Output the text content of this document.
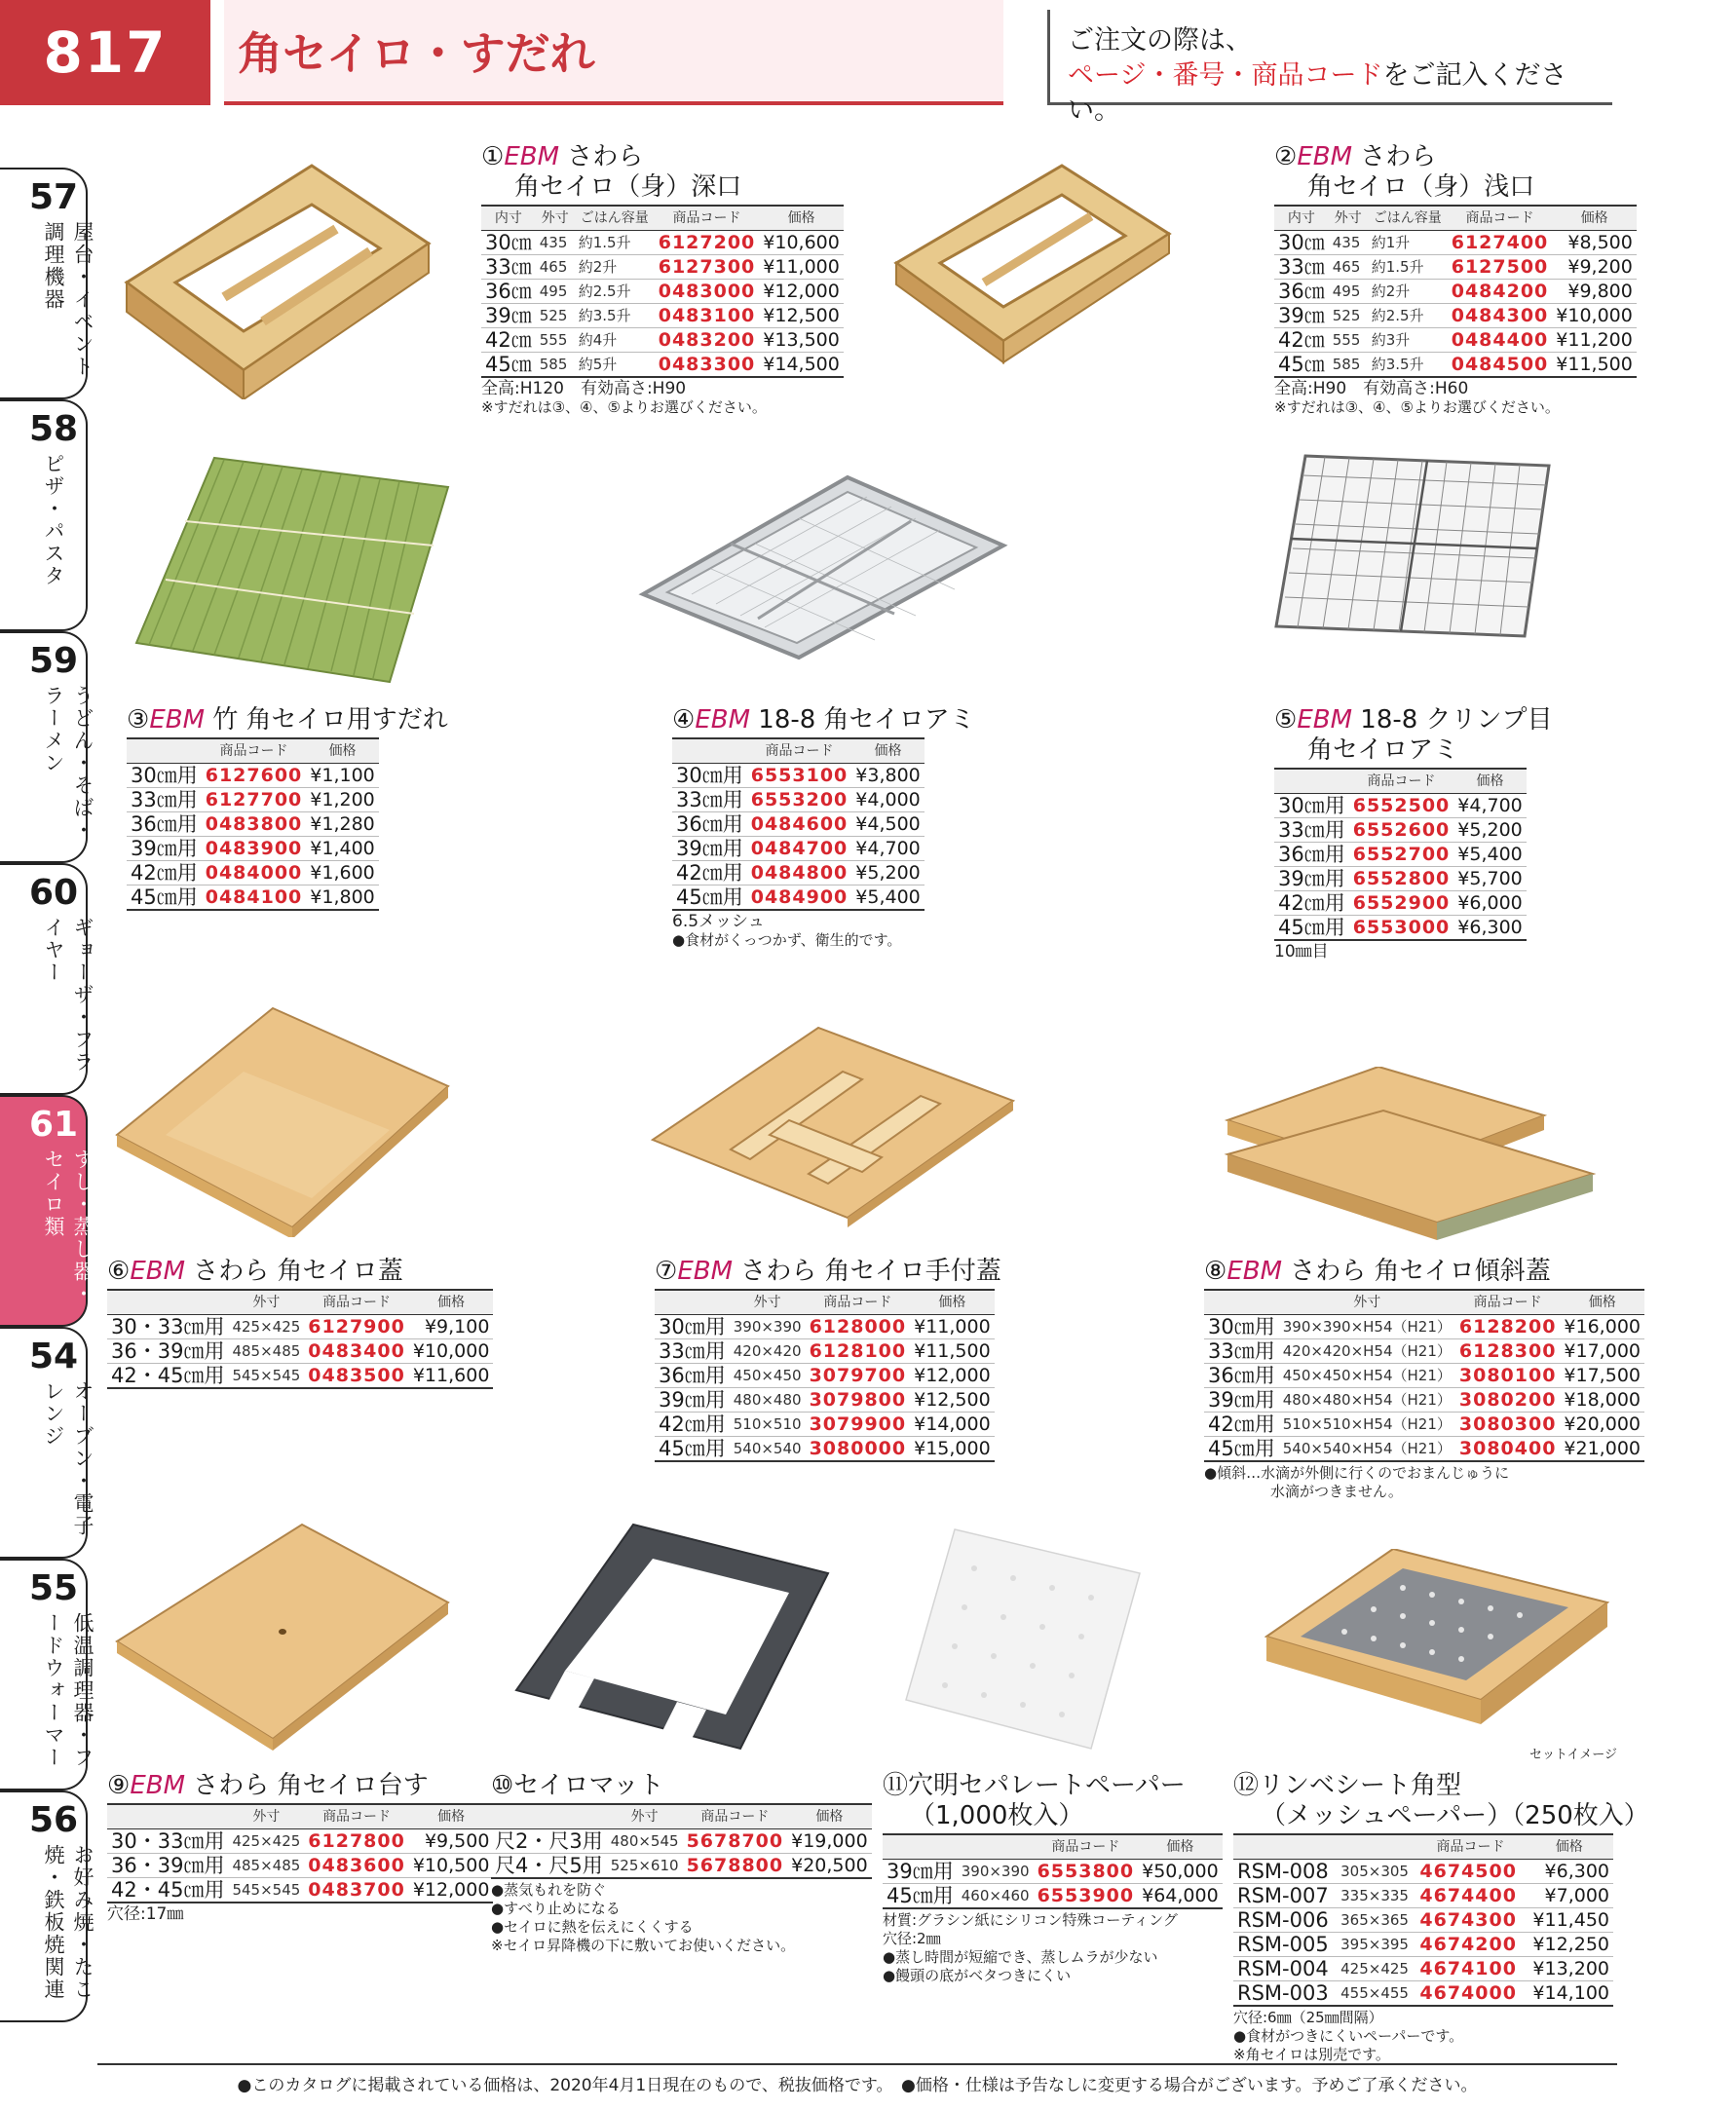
817	角セイロ・すだれ	ご注文の際は、
ページ・番号・商品コードをご記入ください。
57
屋台・イベント調理機器
58
ピザ・パスタ
59
うどん・そば・ラーメン
60
ギョーザ・フライヤー
61
すし・蒸し器・セイロ類
54
オーブン・電子レンジ
55
低温調理器・フードウォーマー
56
お好み焼・たこ焼・鉄板焼関連
①EBM さわら
角セイロ（身）深口
内寸	外寸	ごはん容量	商品コード	価格
30㎝	435	約1.5升	6127200	¥10,600
33㎝	465	約2升	6127300	¥11,000
36㎝	495	約2.5升	0483000	¥12,000
39㎝	525	約3.5升	0483100	¥12,500
42㎝	555	約4升	0483200	¥13,500
45㎝	585	約5升	0483300	¥14,500
全高:H120　有効高さ:H90
※すだれは③、④、⑤よりお選びください。
②EBM さわら
角セイロ（身）浅口
内寸	外寸	ごはん容量	商品コード	価格
30㎝	435	約1升	6127400	¥8,500
33㎝	465	約1.5升	6127500	¥9,200
36㎝	495	約2升	0484200	¥9,800
39㎝	525	約2.5升	0484300	¥10,000
42㎝	555	約3升	0484400	¥11,200
45㎝	585	約3.5升	0484500	¥11,500
全高:H90　有効高さ:H60
※すだれは③、④、⑤よりお選びください。
③EBM 竹 角セイロ用すだれ
	商品コード	価格
30㎝用	6127600	¥1,100
33㎝用	6127700	¥1,200
36㎝用	0483800	¥1,280
39㎝用	0483900	¥1,400
42㎝用	0484000	¥1,600
45㎝用	0484100	¥1,800
④EBM 18-8 角セイロアミ
	商品コード	価格
30㎝用	6553100	¥3,800
33㎝用	6553200	¥4,000
36㎝用	0484600	¥4,500
39㎝用	0484700	¥4,700
42㎝用	0484800	¥5,200
45㎝用	0484900	¥5,400
6.5メッシュ
●食材がくっつかず、衛生的です。
⑤EBM 18-8 クリンプ目
角セイロアミ
	商品コード	価格
30㎝用	6552500	¥4,700
33㎝用	6552600	¥5,200
36㎝用	6552700	¥5,400
39㎝用	6552800	¥5,700
42㎝用	6552900	¥6,000
45㎝用	6553000	¥6,300
10㎜目
⑥EBM さわら 角セイロ蓋
	外寸	商品コード	価格
30・33㎝用	425×425	6127900	¥9,100
36・39㎝用	485×485	0483400	¥10,000
42・45㎝用	545×545	0483500	¥11,600
⑦EBM さわら 角セイロ手付蓋
	外寸	商品コード	価格
30㎝用	390×390	6128000	¥11,000
33㎝用	420×420	6128100	¥11,500
36㎝用	450×450	3079700	¥12,000
39㎝用	480×480	3079800	¥12,500
42㎝用	510×510	3079900	¥14,000
45㎝用	540×540	3080000	¥15,000
⑧EBM さわら 角セイロ傾斜蓋
	外寸	商品コード	価格
30㎝用	390×390×H54（H21）	6128200	¥16,000
33㎝用	420×420×H54（H21）	6128300	¥17,000
36㎝用	450×450×H54（H21）	3080100	¥17,500
39㎝用	480×480×H54（H21）	3080200	¥18,000
42㎝用	510×510×H54（H21）	3080300	¥20,000
45㎝用	540×540×H54（H21）	3080400	¥21,000
●傾斜…水滴が外側に行くのでおまんじゅうに
水滴がつきません。
セットイメージ
⑨EBM さわら 角セイロ台す
	外寸	商品コード	価格
30・33㎝用	425×425	6127800	¥9,500
36・39㎝用	485×485	0483600	¥10,500
42・45㎝用	545×545	0483700	¥12,000
穴径:17㎜
⑩セイロマット
	外寸	商品コード	価格
尺2・尺3用	480×545	5678700	¥19,000
尺4・尺5用	525×610	5678800	¥20,500
●蒸気もれを防ぐ
●すべり止めになる
●セイロに熱を伝えにくくする
※セイロ昇降機の下に敷いてお使いください。
⑪穴明セパレートペーパー
（1,000枚入）
		商品コード	価格
39㎝用	390×390	6553800	¥50,000
45㎝用	460×460	6553900	¥64,000
材質:グラシン紙にシリコン特殊コーティング
穴径:2㎜
●蒸し時間が短縮でき、蒸しムラが少ない
●饅頭の底がベタつきにくい
⑫リンベシート角型
（メッシュペーパー）（250枚入）
		商品コード	価格
RSM-008	305×305	4674500	¥6,300
RSM-007	335×335	4674400	¥7,000
RSM-006	365×365	4674300	¥11,450
RSM-005	395×395	4674200	¥12,250
RSM-004	425×425	4674100	¥13,200
RSM-003	455×455	4674000	¥14,100
穴径:6㎜（25㎜間隔）
●食材がつきにくいペーパーです。
※角セイロは別売です。
●このカタログに掲載されている価格は、2020年4月1日現在のもので、税抜価格です。　●価格・仕様は予告なしに変更する場合がございます。予めご了承ください。
